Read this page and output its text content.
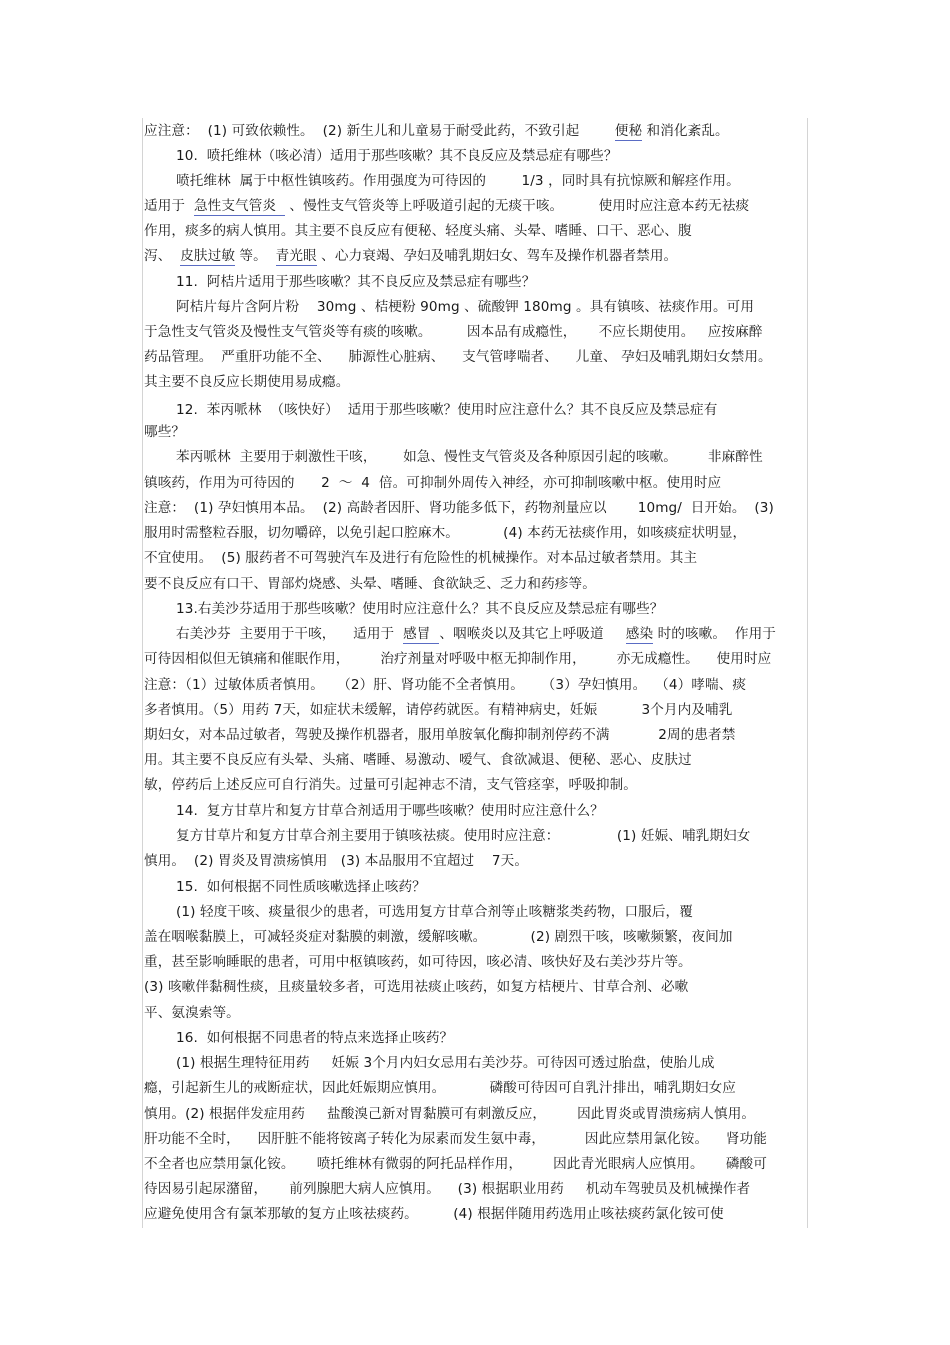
应注意：  (1) 可致依赖性。  (2) 新生儿和儿童易于耐受此药，不致引起        便秘 和消化紊乱。
10.  喷托维林（咳必清）适用于那些咳嗽？其不良反应及禁忌症有哪些？
喷托维林  属于中枢性镇咳药。作用强度为可待因的        1/3 ，同时具有抗惊厥和解痉作用。
适用于  急性支气管炎   、慢性支气管炎等上呼吸道引起的无痰干咳。        使用时应注意本药无祛痰
作用，痰多的病人慎用。其主要不良反应有便秘、轻度头痛、头晕、嗜睡、口干、恶心、腹
泻、  皮肤过敏 等。  青光眼 、心力衰竭、孕妇及哺乳期妇女、驾车及操作机器者禁用。
11.  阿桔片适用于那些咳嗽？其不良反应及禁忌症有哪些？
阿桔片每片含阿片粉    30mg 、桔梗粉 90mg 、硫酸钾 180mg 。具有镇咳、祛痰作用。可用
于急性支气管炎及慢性支气管炎等有痰的咳嗽。        因本品有成瘾性，     不应长期使用。   应按麻醉
药品管理。  严重肝功能不全、    肺源性心脏病、    支气管哮喘者、    儿童、 孕妇及哺乳期妇女禁用。
其主要不良反应长期使用易成瘾。
12.  苯丙哌林  （咳快好）  适用于那些咳嗽？使用时应注意什么？其不良反应及禁忌症有
哪些？
苯丙哌林  主要用于刺激性干咳，      如急、慢性支气管炎及各种原因引起的咳嗽。       非麻醉性
镇咳药，作用为可待因的      2  ～  4  倍。可抑制外周传入神经，亦可抑制咳嗽中枢。使用时应
注意：  (1) 孕妇慎用本品。  (2) 高龄者因肝、肾功能多低下，药物剂量应以       10mg/  日开始。  (3)
服用时需整粒吞服，切勿嚼碎，以免引起口腔麻木。          (4) 本药无祛痰作用，如咳痰症状明显，
不宜使用。  (5) 服药者不可驾驶汽车及进行有危险性的机械操作。对本品过敏者禁用。其主
要不良反应有口干、胃部灼烧感、头晕、嗜睡、食欲缺乏、乏力和药疹等。
13.右美沙芬适用于那些咳嗽？使用时应注意什么？其不良反应及禁忌症有哪些？
右美沙芬  主要用于干咳，    适用于  感冒  、咽喉炎以及其它上呼吸道     感染 时的咳嗽。  作用于
可待因相似但无镇痛和催眠作用，       治疗剂量对呼吸中枢无抑制作用，       亦无成瘾性。    使用时应
注意：（1）过敏体质者慎用。   （2）肝、肾功能不全者慎用。    （3）孕妇慎用。  （4）哮喘、痰
多者慎用。（5）用药 7天，如症状未缓解，请停药就医。有精神病史，妊娠          3个月内及哺乳
期妇女，对本品过敏者，驾驶及操作机器者，服用单胺氧化酶抑制剂停药不满           2周的患者禁
用。其主要不良反应有头晕、头痛、嗜睡、易激动、嗳气、食欲减退、便秘、恶心、皮肤过
敏，停药后上述反应可自行消失。过量可引起神志不清，支气管痉挛，呼吸抑制。
14.  复方甘草片和复方甘草合剂适用于哪些咳嗽？使用时应注意什么？
复方甘草片和复方甘草合剂主要用于镇咳祛痰。使用时应注意：             (1) 妊娠、哺乳期妇女
慎用。  (2) 胃炎及胃溃疡慎用   (3) 本品服用不宜超过    7天。
15.  如何根据不同性质咳嗽选择止咳药？
(1) 轻度干咳、痰量很少的患者，可选用复方甘草合剂等止咳糖浆类药物，口服后，覆
盖在咽喉黏膜上，可减轻炎症对黏膜的刺激，缓解咳嗽。          (2) 剧烈干咳，咳嗽频繁，夜间加
重，甚至影响睡眠的患者，可用中枢镇咳药，如可待因，咳必清、咳快好及右美沙芬片等。
(3) 咳嗽伴黏稠性痰，且痰量较多者，可选用祛痰止咳药，如复方桔梗片、甘草合剂、必嗽
平、氨溴索等。
16.  如何根据不同患者的特点来选择止咳药？
(1) 根据生理特征用药     妊娠 3个月内妇女忌用右美沙芬。可待因可透过胎盘，使胎儿成
瘾，引起新生儿的戒断症状，因此妊娠期应慎用。          磷酸可待因可自乳汁排出，哺乳期妇女应
慎用。(2) 根据伴发症用药     盐酸溴己新对胃黏膜可有刺激反应，       因此胃炎或胃溃疡病人慎用。
肝功能不全时，    因肝脏不能将铵离子转化为尿素而发生氨中毒，         因此应禁用氯化铵。    肾功能
不全者也应禁用氯化铵。     喷托维林有微弱的阿托品样作用，       因此青光眼病人应慎用。     磷酸可
待因易引起尿潴留，     前列腺肥大病人应慎用。    (3) 根据职业用药     机动车驾驶员及机械操作者
应避免使用含有氯苯那敏的复方止咳祛痰药。        (4) 根据伴随用药选用止咳祛痰药氯化铵可使
